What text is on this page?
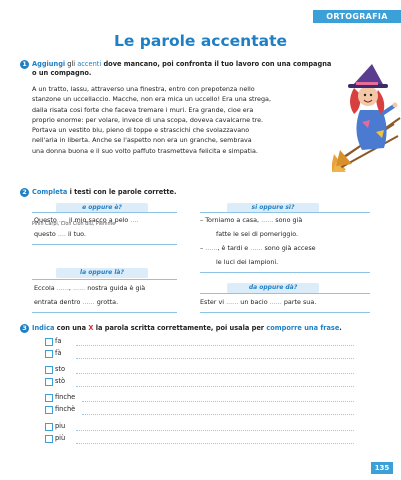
ORTOGRAFIA
Le parole accentate
1 Aggiungi gli accenti dove mancano, poi confronta il tuo lavoro con una compagna
o un compagno.
A un tratto, lassu, attraverso una finestra, entro con prepotenza nello
stanzone un uccellaccio. Macche, non era mica un uccello! Era una strega,
dalla risata cosi forte che faceva tremare i muri. Era grande, cioe era
proprio enorme: per volare, invece di una scopa, doveva cavalcarne tre.
Portava un vestito blu, pieno di toppe e strascichi che svolazzavano
nell'aria in liberta. Anche se l'aspetto non era un granche, sembrava
una donna buona e il suo volto paffuto trasmetteva felicita e simpatia.
Pinin Carpi, Cion Cion Blu, Piemme
2 Completa i testi con le parole corrette.
e oppure è?
Questo .... il mio sacco a pelo ....
questo .... il tuo.
si oppure sì?
– Torniamo a casa, ...... sono già
fatte le sei di pomeriggio.
– ......, è tardi e ...... sono già accese
le luci dei lampioni.
la oppure là?
Eccola ......, ...... nostra guida è già
entrata dentro ...... grotta.
da oppure dà?
Ester vi ...... un bacio ...... parte sua.
3 Indica con una X la parola scritta correttamente, poi usala per comporre una frase.
fa
fà
sto
stò
finche
finchè
piu
più
135
